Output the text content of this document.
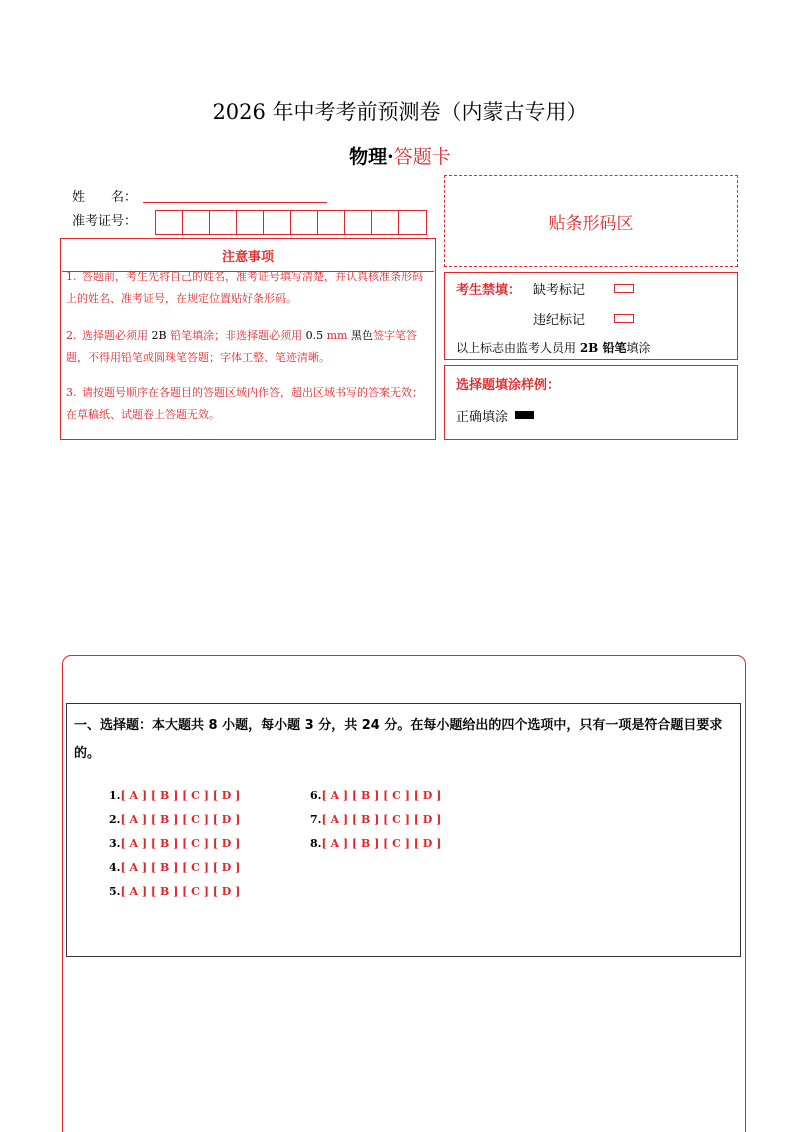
2026 年中考考前预测卷（内蒙古专用）
物理·答题卡
姓　　名：
准考证号：	贴条形码区
注意事项
1. 答题前，考生先将自己的姓名，准考证号填写清楚，并认真核准条形码上的姓名、准考证号，在规定位置贴好条形码。
2. 选择题必须用 2B 铅笔填涂；非选择题必须用 0.5 mm 黑色签字笔答题，不得用铅笔或圆珠笔答题；字体工整、笔迹清晰。
3. 请按题号顺序在各题目的答题区域内作答，超出区域书写的答案无效；在草稿纸、试题卷上答题无效。
考生禁填： 缺考标记
违纪标记
以上标志由监考人员用 2B 铅笔填涂
选择题填涂样例：
正确填涂
一、选择题：本大题共 8 小题，每小题 3 分，共 24 分。在每小题给出的四个选项中，只有一项是符合题目要求的。
1.[ A ] [ B ] [ C ] [ D ]
2.[ A ] [ B ] [ C ] [ D ]
3.[ A ] [ B ] [ C ] [ D ]
4.[ A ] [ B ] [ C ] [ D ]
5.[ A ] [ B ] [ C ] [ D ]
6.[ A ] [ B ] [ C ] [ D ]
7.[ A ] [ B ] [ C ] [ D ]
8.[ A ] [ B ] [ C ] [ D ]
